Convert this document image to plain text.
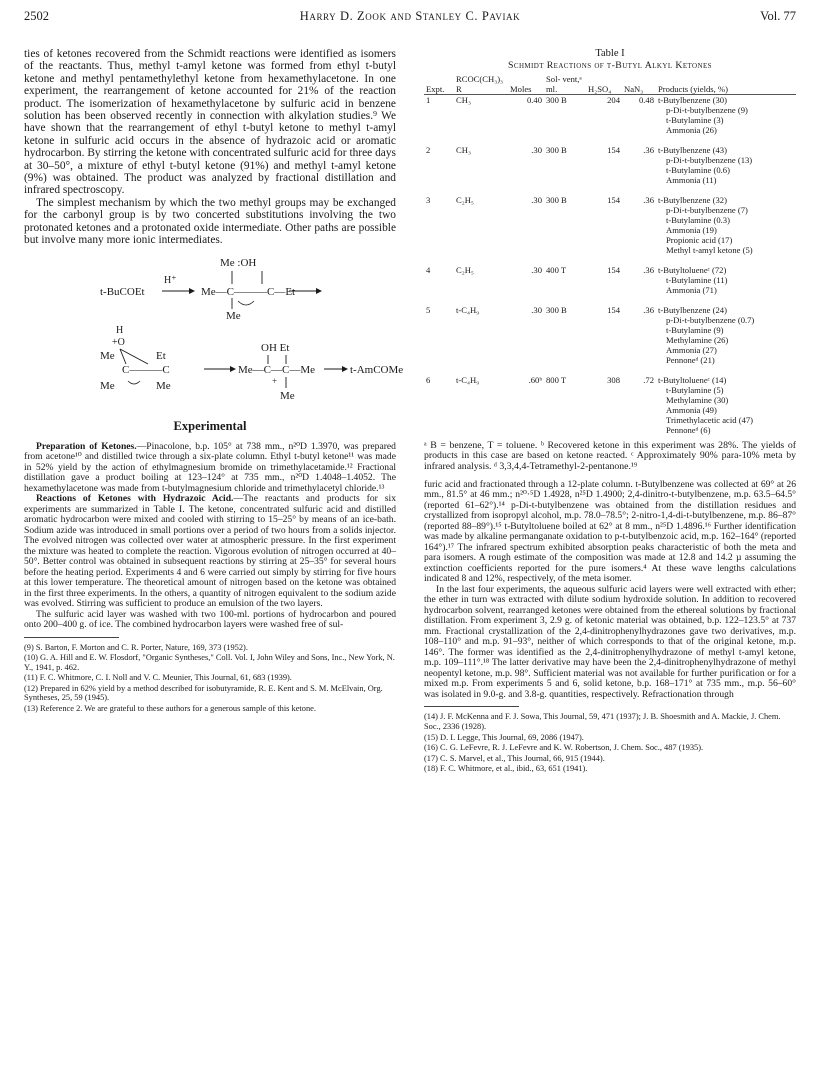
2502	Harry D. Zook and Stanley C. Paviak	Vol. 77

ties of ketones recovered from the Schmidt reactions were identified as isomers of the reactants. Thus, methyl t-amyl ketone was formed from ethyl t-butyl ketone and methyl pentamethylethyl ketone from hexamethylacetone. In one experiment, the rearrangement of ketone accounted for 21% of the reaction product. The isomerization of hexamethylacetone by sulfuric acid in benzene solution has been observed recently in connection with alkylation studies.⁹ We have shown that the rearrangement of ethyl t-butyl ketone to methyl t-amyl ketone in sulfuric acid occurs in the absence of hydrazoic acid or aromatic hydrocarbon. By stirring the ketone with concentrated sulfuric acid for three days at 30–50°, a mixture of ethyl t-butyl ketone (91%) and methyl t-amyl ketone (9%) was obtained. The product was analyzed by fractional distillation and infrared spectroscopy.

The simplest mechanism by which the two methyl groups may be exchanged for the carbonyl group is by two concerted substitutions involving the two protonated ketones and a protonated oxide intermediate. Other paths are possible but involve many more ionic intermediates.

Me :OH
H⁺
t-BuCOEt	Me—C———C—Et
Me
H
+O
Me	Et
C———C
Me	Me
OH Et
Me—C—C—Me	t-AmCOMe
Me
+
Experimental

Preparation of Ketones.—Pinacolone, b.p. 105° at 738 mm., n²⁰D 1.3970, was prepared from acetone¹⁰ and distilled twice through a six-plate column. Ethyl t-butyl ketone¹¹ was made in 52% yield by the action of ethylmagnesium bromide on trimethylacetamide.¹² Fractional distillation gave a product boiling at 123–124° at 735 mm., n²⁰D 1.4048–1.4052. The hexamethylacetone was made from t-butylmagnesium chloride and trimethylacetyl chloride.¹³

Reactions of Ketones with Hydrazoic Acid.—The reactants and products for six experiments are summarized in Table I. The ketone, concentrated sulfuric acid and distilled aromatic hydrocarbon were mixed and cooled with stirring to 15–25° by means of an ice-bath. Sodium azide was introduced in small portions over a period of two hours from a solids injector. The evolved nitrogen was collected over water at atmospheric pressure. In the first experiment the mixture was heated to complete the reaction. Vigorous evolution of nitrogen occurred at 40–50°. Better control was obtained in subsequent reactions by stirring at 25–35° for several hours before the heating period. Experiments 4 and 6 were carried out simply by stirring for five hours at this lower temperature. The theoretical amount of nitrogen based on the ketone was obtained in the first three experiments. In the others, a quantity of nitrogen equivalent to the sodium azide was evolved. Stirring was sufficient to produce an emulsion of the two layers.

The sulfuric acid layer was washed with two 100-ml. portions of hydrocarbon and poured onto 200–400 g. of ice. The combined hydrocarbon layers were washed free of sul-

(9) S. Barton, F. Morton and C. R. Porter, Nature, 169, 373 (1952).

(10) G. A. Hill and E. W. Flosdorf, "Organic Syntheses," Coll. Vol. I, John Wiley and Sons, Inc., New York, N. Y., 1941, p. 462.

(11) F. C. Whitmore, C. I. Noll and V. C. Meunier, This Journal, 61, 683 (1939).

(12) Prepared in 62% yield by a method described for isobutyramide, R. E. Kent and S. M. McElvain, Org. Syntheses, 25, 59 (1945).

(13) Reference 2. We are grateful to these authors for a generous sample of this ketone.

Table I
Schmidt Reactions of t-Butyl Alkyl Ketones
Expt.	RCOC(CH₃)₃ R	Moles	Sol- vent,ᵃ ml.	H₂SO₄	NaN₃	Products (yields, %)
1	CH₃	0.40	300 B	204	0.48	t-Butylbenzene (30)
						p-Di-t-butylbenzene (9)
						t-Butylamine (3)
						Ammonia (26)
2	CH₃	.30	300 B	154	.36	t-Butylbenzene (43)
						p-Di-t-butylbenzene (13)
						t-Butylamine (0.6)
						Ammonia (11)
3	C₂H₅	.30	300 B	154	.36	t-Butylbenzene (32)
						p-Di-t-butylbenzene (7)
						t-Butylamine (0.3)
						Ammonia (19)
						Propionic acid (17)
						Methyl t-amyl ketone (5)
4	C₂H₅	.30	400 T	154	.36	t-Butyltolueneᶜ (72)
						t-Butylamine (11)
						Ammonia (71)
5	t-C₄H₉	.30	300 B	154	.36	t-Butylbenzene (24)
						p-Di-t-butylbenzene (0.7)
						t-Butylamine (9)
						Methylamine (26)
						Ammonia (27)
						Pennoneᵈ (21)
6	t-C₄H₉	.60ᵇ	800 T	308	.72	t-Butyltolueneᶜ (14)
						t-Butylamine (5)
						Methylamine (30)
						Ammonia (49)
						Trimethylacetic acid (47)
						Pennoneᵈ (6)

ᵃ B = benzene, T = toluene. ᵇ Recovered ketone in this experiment was 28%. The yields of products in this case are based on ketone reacted. ᶜ Approximately 90% para-10% meta by infrared analysis. ᵈ 3,3,4,4-Tetramethyl-2-pentanone.¹⁹

furic acid and fractionated through a 12-plate column. t-Butylbenzene was collected at 69° at 26 mm., 81.5° at 46 mm.; n²⁰·⁵D 1.4928, n²⁵D 1.4900; 2,4-dinitro-t-butylbenzene, m.p. 63.5–64.5° (reported 61–62°).¹⁴ p-Di-t-butylbenzene was obtained from the distillation residues and crystallized from isopropyl alcohol, m.p. 78.0–78.5°; 2-nitro-1,4-di-t-butylbenzene, m.p. 86–87° (reported 88–89°).¹⁵ t-Butyltoluene boiled at 62° at 8 mm., n²⁵D 1.4896.¹⁶ Further identification was made by alkaline permanganate oxidation to p-t-butylbenzoic acid, m.p. 162–164° (reported 164°).¹⁷ The infrared spectrum exhibited absorption peaks characteristic of both the meta and para isomers. A rough estimate of the composition was made at 12.8 and 14.2 µ assuming the extinction coefficients reported for the pure isomers.⁴ At these wave lengths calculations indicated 8 and 12%, respectively, of the meta isomer.

In the last four experiments, the aqueous sulfuric acid layers were well extracted with ether; the ether in turn was extracted with dilute sodium hydroxide solution. In addition to recovered hydrocarbon solvent, rearranged ketones were obtained from the ethereal solutions by fractional distillation. From experiment 3, 2.9 g. of ketonic material was obtained, b.p. 122–123.5° at 737 mm. Fractional crystallization of the 2,4-dinitrophenylhydrazones gave two derivatives, m.p. 108–110° and m.p. 91–93°, neither of which corresponds to that of the original ketone, m.p. 146°. The former was identified as the 2,4-dinitrophenylhydrazone of methyl t-amyl ketone, m.p. 109–111°.¹⁸ The latter derivative may have been the 2,4-dinitrophenylhydrazone of methyl neopentyl ketone, m.p. 98°. Sufficient material was not available for further purification or for a mixed m.p. From experiments 5 and 6, solid ketone, b.p. 168–171° at 735 mm., m.p. 56–60° was isolated in 9.0-g. and 3.8-g. quantities, respectively. Refractionation through

(14) J. F. McKenna and F. J. Sowa, This Journal, 59, 471 (1937); J. B. Shoesmith and A. Mackie, J. Chem. Soc., 2336 (1928).

(15) D. I. Legge, This Journal, 69, 2086 (1947).

(16) C. G. LeFevre, R. J. LeFevre and K. W. Robertson, J. Chem. Soc., 487 (1935).

(17) C. S. Marvel, et al., This Journal, 66, 915 (1944).

(18) F. C. Whitmore, et al., ibid., 63, 651 (1941).
